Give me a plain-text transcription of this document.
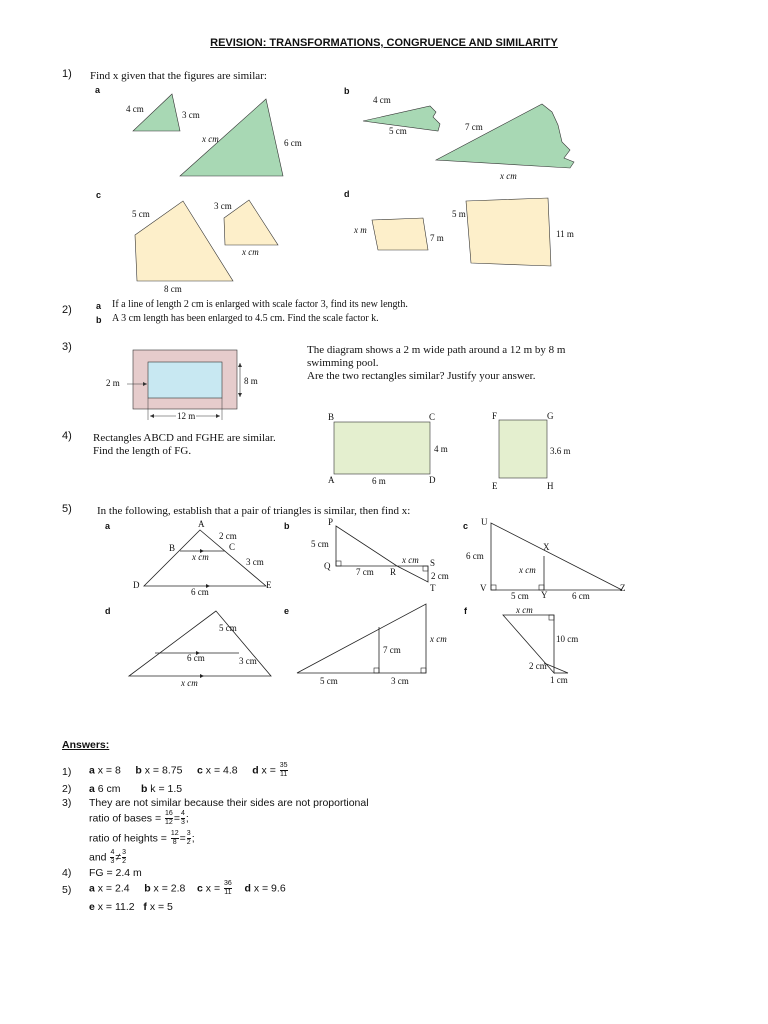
REVISION: TRANSFORMATIONS, CONGRUENCE AND SIMILARITY
1) Find x given that the figures are similar:
a
4 cm
3 cm
x cm	6 cm
b
4 cm
5 cm	7 cm
x cm
c
5 cm
8 cm
3 cm
x cm
d
x m
7 m
5 m
11 m
2)	a If a line of length 2 cm is enlarged with scale factor 3, find its new length.
b A 3 cm length has been enlarged to 4.5 cm. Find the scale factor k.
3)	The diagram shows a 2 m wide path around a 12 m by 8 m
swimming pool.
Are the two rectangles similar? Justify your answer.
2 m	8 m
12 m
4) Rectangles ABCD and FGHE are similar.
Find the length of FG.
B	C
A	D
4 m
6 m
F	G
E	H
3.6 m
5) In the following, establish that a pair of triangles is similar, then find x:
a	A
B	C
D	E
2 cm
x cm	3 cm
6 cm
b	P
Q
R
S
T
5 cm
x cm
7 cm	2 cm
c U
X
V
Y
Z
6 cm
x cm
5 cm	6 cm
d
5 cm
6 cm	3 cm
x cm
e
x cm
7 cm
5 cm	3 cm
f	x cm
10 cm
2 cm
1 cm
Answers:
1) a x = 8 b x = 8.75 c x = 4.8 d $x = \frac{35}{11}$
2) a 6 cm b k = 1.5
3) They are not similar because their sides are not proportional
ratio of bases = $\frac{16}{12} = \frac{4}{3}$ ;
ratio of heights = $\frac{12}{8} = \frac{3}{2}$ ;
and $\frac{4}{3} \ne \frac{3}{2}$
4) FG = 2.4 m
5) a x = 2.4 b x = 2.8 c $x = \frac{36}{11}$ d x = 9.6
e x = 11.2 f x = 5
